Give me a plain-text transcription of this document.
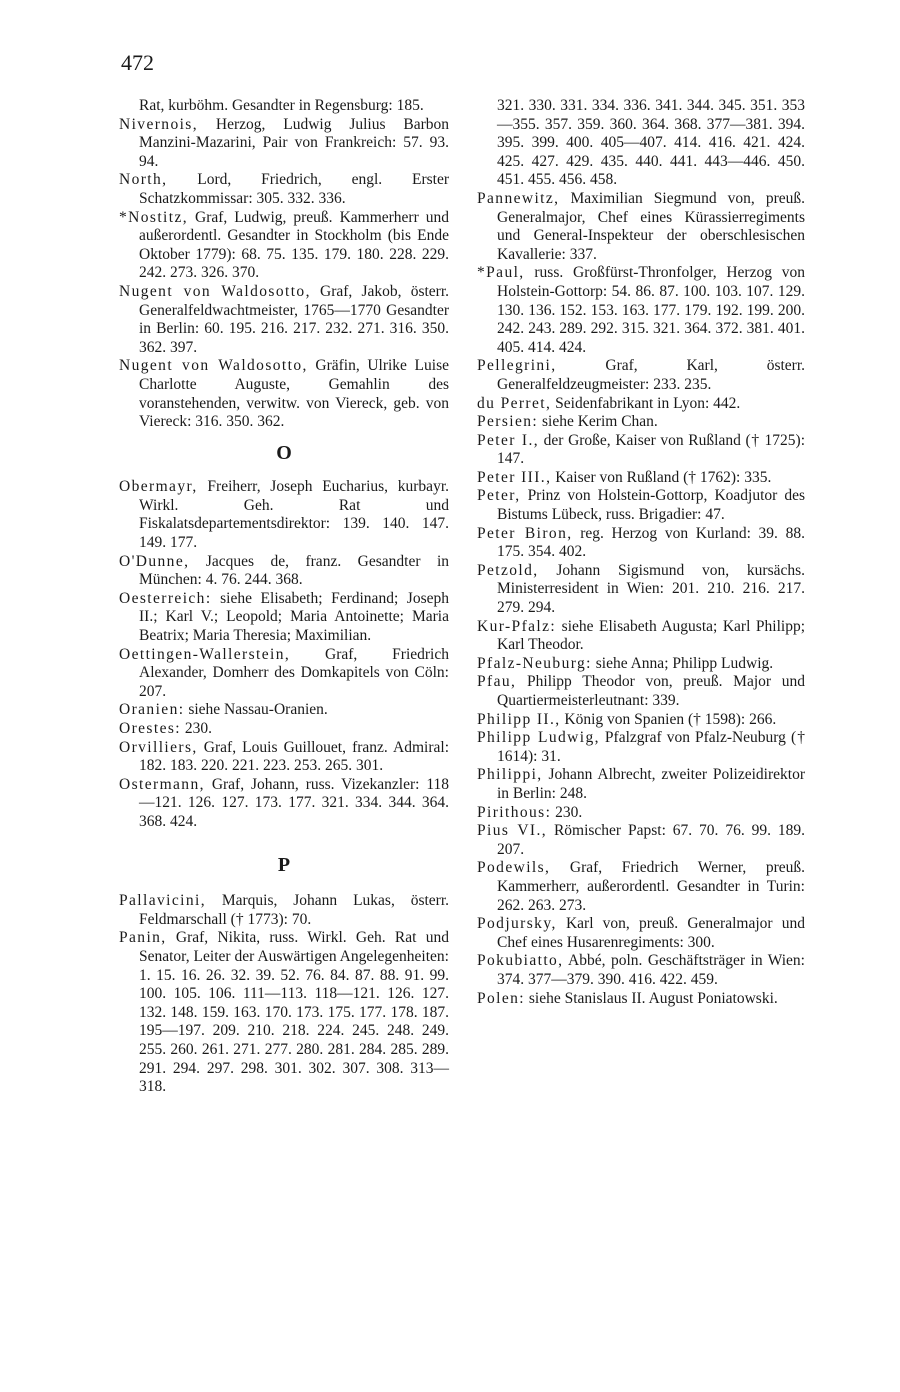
472
Rat, kurböhm. Gesandter in Regensburg: 185.
Nivernois, Herzog, Ludwig Julius Barbon Manzini-Mazarini, Pair von Frankreich: 57. 93. 94.
North, Lord, Friedrich, engl. Erster Schatzkommissar: 305. 332. 336.
*Nostitz, Graf, Ludwig, preuß. Kammerherr und außerordentl. Gesandter in Stockholm (bis Ende Oktober 1779): 68. 75. 135. 179. 180. 228. 229. 242. 273. 326. 370.
Nugent von Waldosotto, Graf, Jakob, österr. Generalfeldwachtmeister, 1765—1770 Gesandter in Berlin: 60. 195. 216. 217. 232. 271. 316. 350. 362. 397.
Nugent von Waldosotto, Gräfin, Ulrike Luise Charlotte Auguste, Gemahlin des voranstehenden, verwitw. von Viereck, geb. von Viereck: 316. 350. 362.
O
Obermayr, Freiherr, Joseph Eucharius, kurbayr. Wirkl. Geh. Rat und Fiskalatsdepartementsdirektor: 139. 140. 147. 149. 177.
O'Dunne, Jacques de, franz. Gesandter in München: 4. 76. 244. 368.
Oesterreich: siehe Elisabeth; Ferdinand; Joseph II.; Karl V.; Leopold; Maria Antoinette; Maria Beatrix; Maria Theresia; Maximilian.
Oettingen-Wallerstein, Graf, Friedrich Alexander, Domherr des Domkapitels von Cöln: 207.
Oranien: siehe Nassau-Oranien.
Orestes: 230.
Orvilliers, Graf, Louis Guillouet, franz. Admiral: 182. 183. 220. 221. 223. 253. 265. 301.
Ostermann, Graf, Johann, russ. Vizekanzler: 118—121. 126. 127. 173. 177. 321. 334. 344. 364. 368. 424.
P
Pallavicini, Marquis, Johann Lukas, österr. Feldmarschall († 1773): 70.
Panin, Graf, Nikita, russ. Wirkl. Geh. Rat und Senator, Leiter der Auswärtigen Angelegenheiten: 1. 15. 16. 26. 32. 39. 52. 76. 84. 87. 88. 91. 99. 100. 105. 106. 111—113. 118—121. 126. 127. 132. 148. 159. 163. 170. 173. 175. 177. 178. 187. 195—197. 209. 210. 218. 224. 245. 248. 249. 255. 260. 261. 271. 277. 280. 281. 284. 285. 289. 291. 294. 297. 298. 301. 302. 307. 308. 313—318.
321. 330. 331. 334. 336. 341. 344. 345. 351. 353—355. 357. 359. 360. 364. 368. 377—381. 394. 395. 399. 400. 405—407. 414. 416. 421. 424. 425. 427. 429. 435. 440. 441. 443—446. 450. 451. 455. 456. 458.
Pannewitz, Maximilian Siegmund von, preuß. Generalmajor, Chef eines Kürassierregiments und General-Inspekteur der oberschlesischen Kavallerie: 337.
*Paul, russ. Großfürst-Thronfolger, Herzog von Holstein-Gottorp: 54. 86. 87. 100. 103. 107. 129. 130. 136. 152. 153. 163. 177. 179. 192. 199. 200. 242. 243. 289. 292. 315. 321. 364. 372. 381. 401. 405. 414. 424.
Pellegrini,	Graf, Karl, österr. Generalfeldzeugmeister: 233. 235.
du Perret, Seidenfabrikant in Lyon: 442.
Persien: siehe Kerim Chan.
Peter I., der Große, Kaiser von Rußland († 1725): 147.
Peter III., Kaiser von Rußland († 1762): 335.
Peter, Prinz von Holstein-Gottorp, Koadjutor des Bistums Lübeck, russ. Brigadier: 47.
Peter Biron, reg. Herzog von Kurland: 39. 88. 175. 354. 402.
Petzold, Johann Sigismund von, kursächs. Ministerresident in Wien: 201. 210. 216. 217. 279. 294.
Kur-Pfalz: siehe Elisabeth Augusta; Karl Philipp; Karl Theodor.
Pfalz-Neuburg: siehe Anna; Philipp Ludwig.
Pfau, Philipp Theodor von, preuß. Major und Quartiermeisterleutnant: 339.
Philipp II., König von Spanien († 1598): 266.
Philipp Ludwig, Pfalzgraf von Pfalz-Neuburg († 1614): 31.
Philippi, Johann Albrecht, zweiter Polizeidirektor in Berlin: 248.
Pirithous: 230.
Pius VI., Römischer Papst: 67. 70. 76. 99. 189. 207.
Podewils, Graf, Friedrich Werner, preuß. Kammerherr, außerordentl. Gesandter in Turin: 262. 263. 273.
Podjursky, Karl von, preuß. Generalmajor und Chef eines Husarenregiments: 300.
Pokubiatto, Abbé, poln. Geschäftsträger in Wien: 374. 377—379. 390. 416. 422. 459.
Polen: siehe Stanislaus II. August Poniatowski.
